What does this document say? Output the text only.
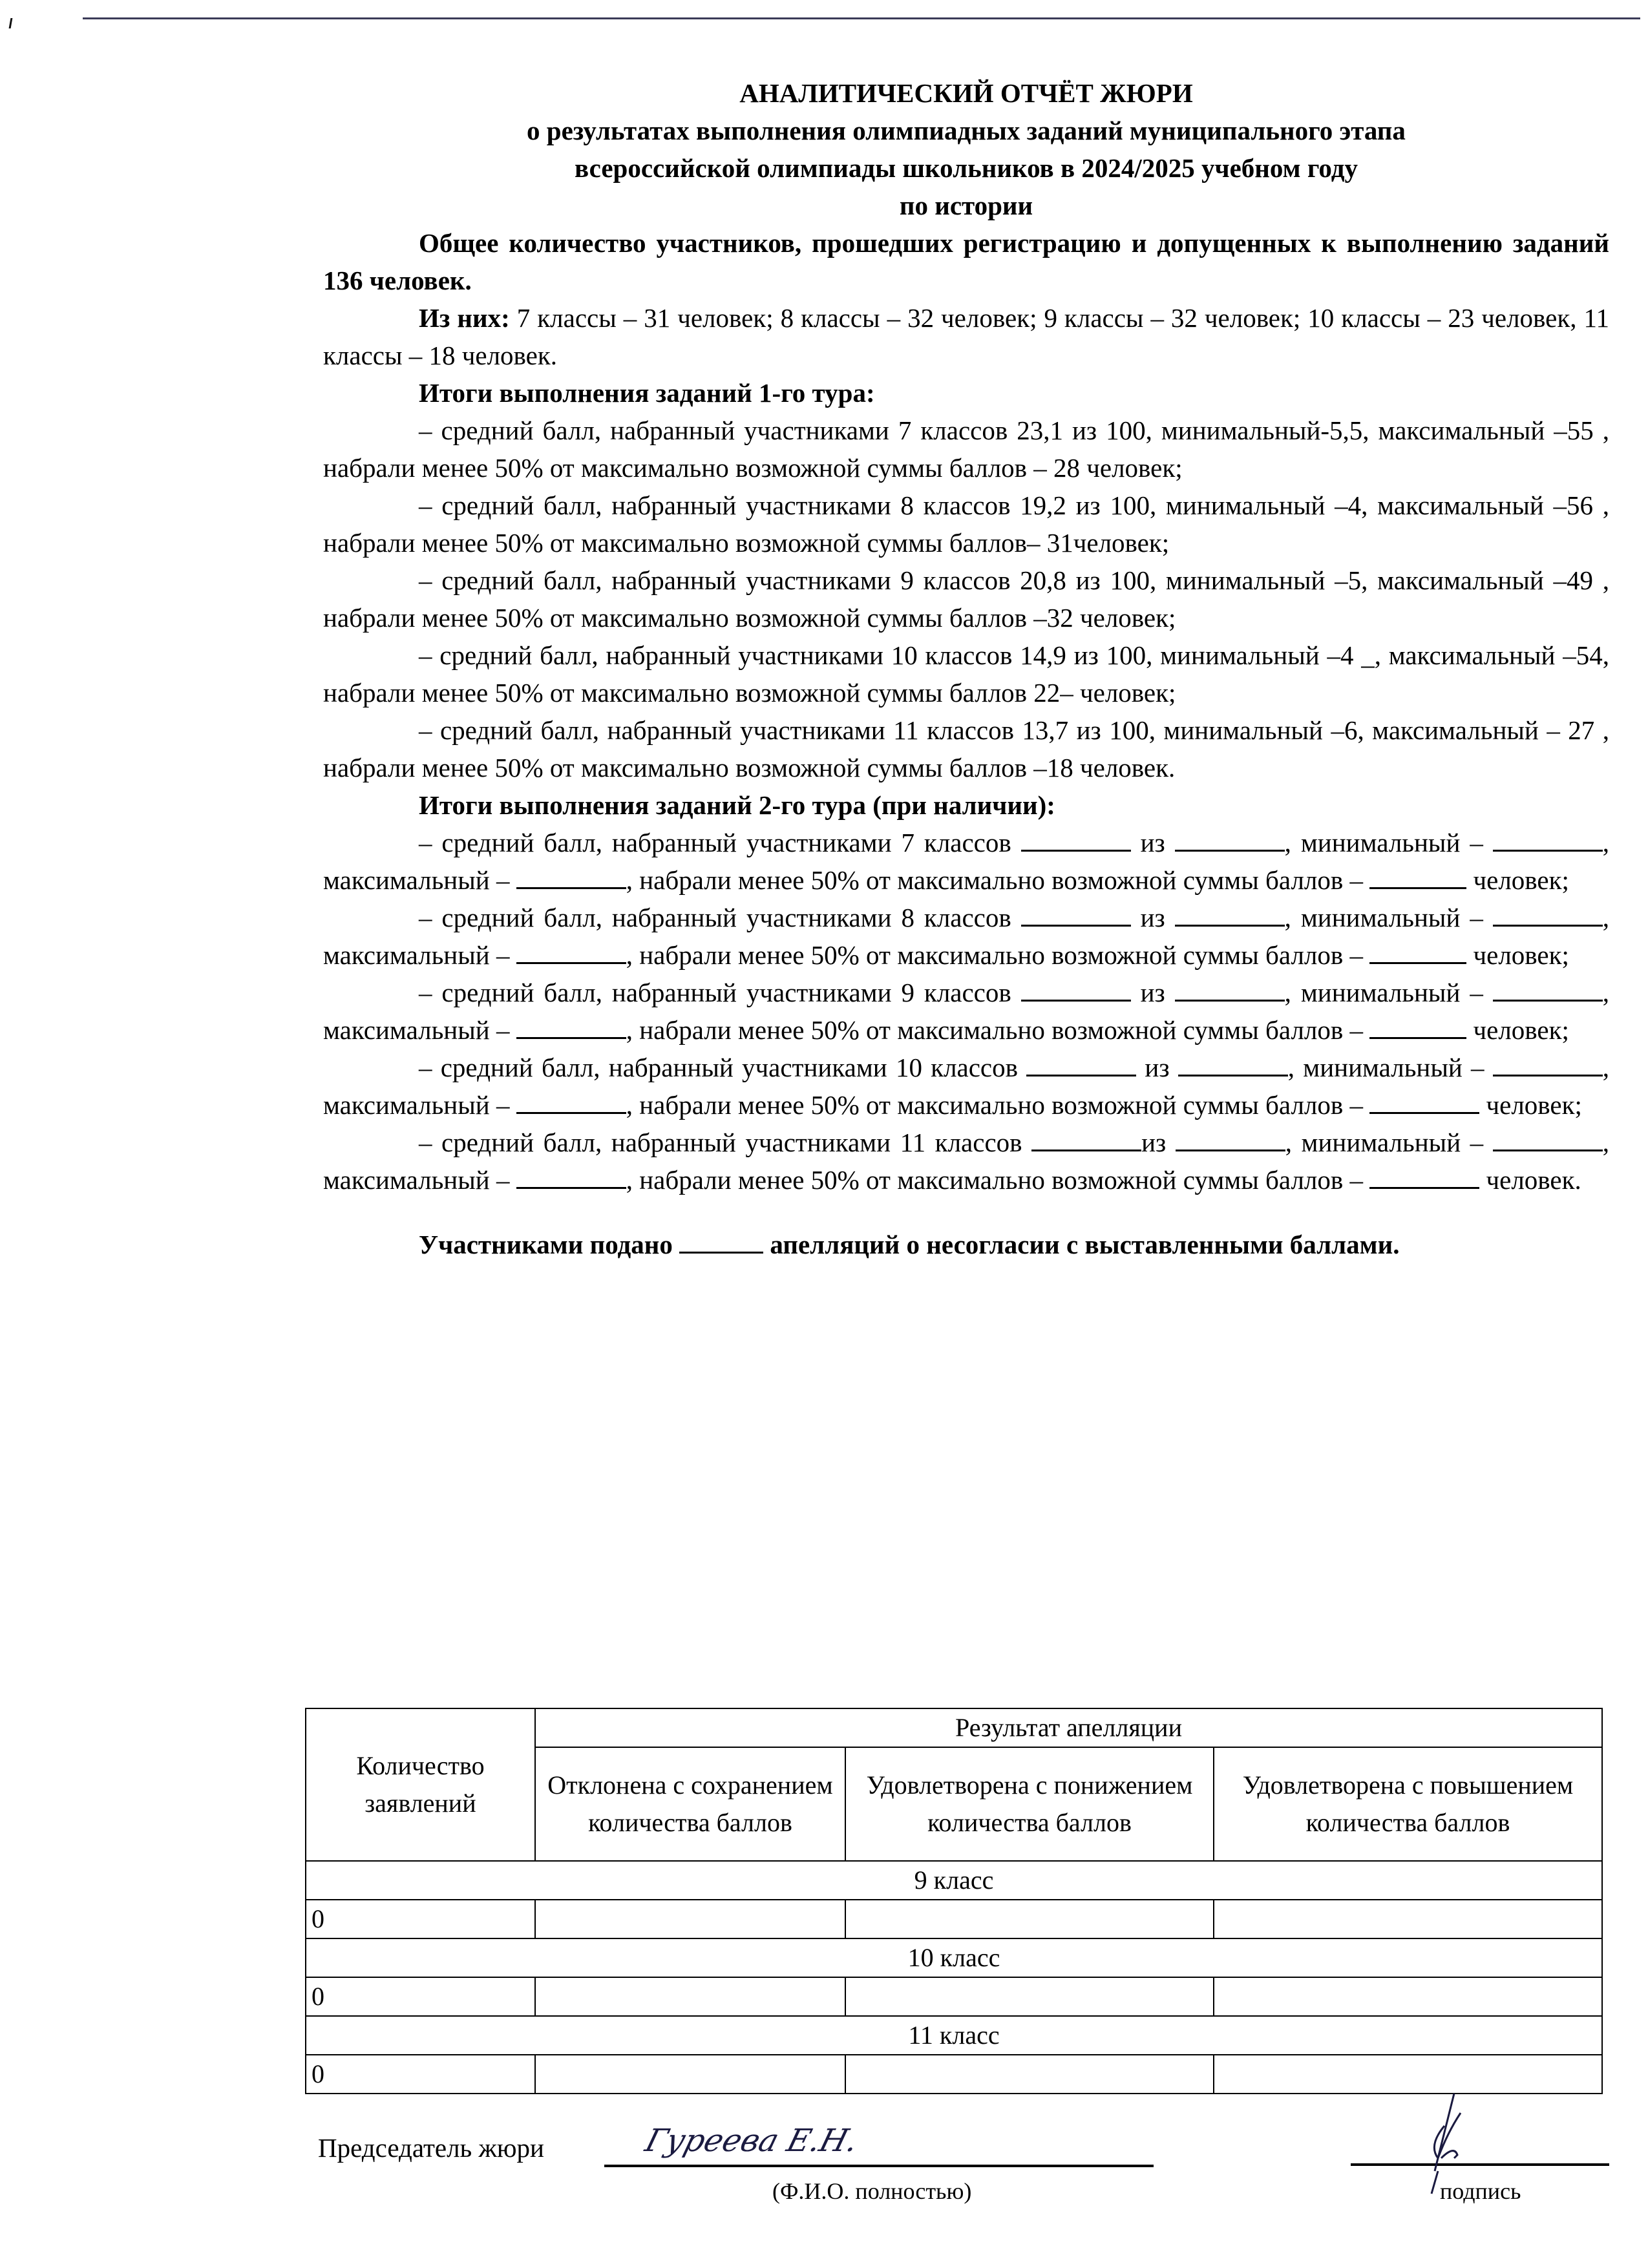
АНАЛИТИЧЕСКИЙ ОТЧЁТ ЖЮРИ
о результатах выполнения олимпиадных заданий муниципального этапа
всероссийской олимпиады школьников в 2024/2025 учебном году
по истории

Общее количество участников, прошедших регистрацию и допущенных к выполнению заданий 136 человек.

Из них: 7 классы – 31 человек; 8 классы – 32 человек; 9 классы – 32 человек; 10 классы – 23 человек, 11 классы – 18 человек.

Итоги выполнения заданий 1-го тура:

– средний балл, набранный участниками 7 классов 23,1 из 100, минимальный-5,5, максимальный –55 , набрали менее 50% от максимально возможной суммы баллов – 28 человек;

– средний балл, набранный участниками 8 классов 19,2 из 100, минимальный –4, максимальный –56 , набрали менее 50% от максимально возможной суммы баллов– 31человек;

– средний балл, набранный участниками 9 классов 20,8 из 100, минимальный –5, максимальный –49 , набрали менее 50% от максимально возможной суммы баллов –32 человек;

– средний балл, набранный участниками 10 классов 14,9 из 100, минимальный –4 _, максимальный –54, набрали менее 50% от максимально возможной суммы баллов 22– человек;

– средний балл, набранный участниками 11 классов 13,7 из 100, минимальный –6, максимальный – 27 , набрали менее 50% от максимально возможной суммы баллов –18 человек.

Итоги выполнения заданий 2-го тура (при наличии):

– средний балл, набранный участниками 7 классов	из	, минимальный –	, максимальный –	, набрали менее 50% от максимально возможной суммы баллов –	человек;

– средний балл, набранный участниками 8 классов	из	, минимальный –	, максимальный –	, набрали менее 50% от максимально возможной суммы баллов –	человек;

– средний балл, набранный участниками 9 классов	из	, минимальный –	, максимальный –	, набрали менее 50% от максимально возможной суммы баллов –	человек;

– средний балл, набранный участниками 10 классов	из	, минимальный –	, максимальный –	, набрали менее 50% от максимально возможной суммы баллов –	человек;

– средний балл, набранный участниками 11 классов	из	, минимальный –	, максимальный –	, набрали менее 50% от максимально возможной суммы баллов –	человек.

Участниками подано	апелляций о несогласии с выставленными баллами.

Количество заявлений	Результат апелляции		
	Отклонена с сохранением количества баллов	Удовлетворена с понижением количества баллов	Удовлетворена с повышением количества баллов
9 класс			
0			
10 класс			
0			
11 класс			
0			
Председатель жюри	Гуреева Е.Н.
(Ф.И.О. полностью)	подпись
